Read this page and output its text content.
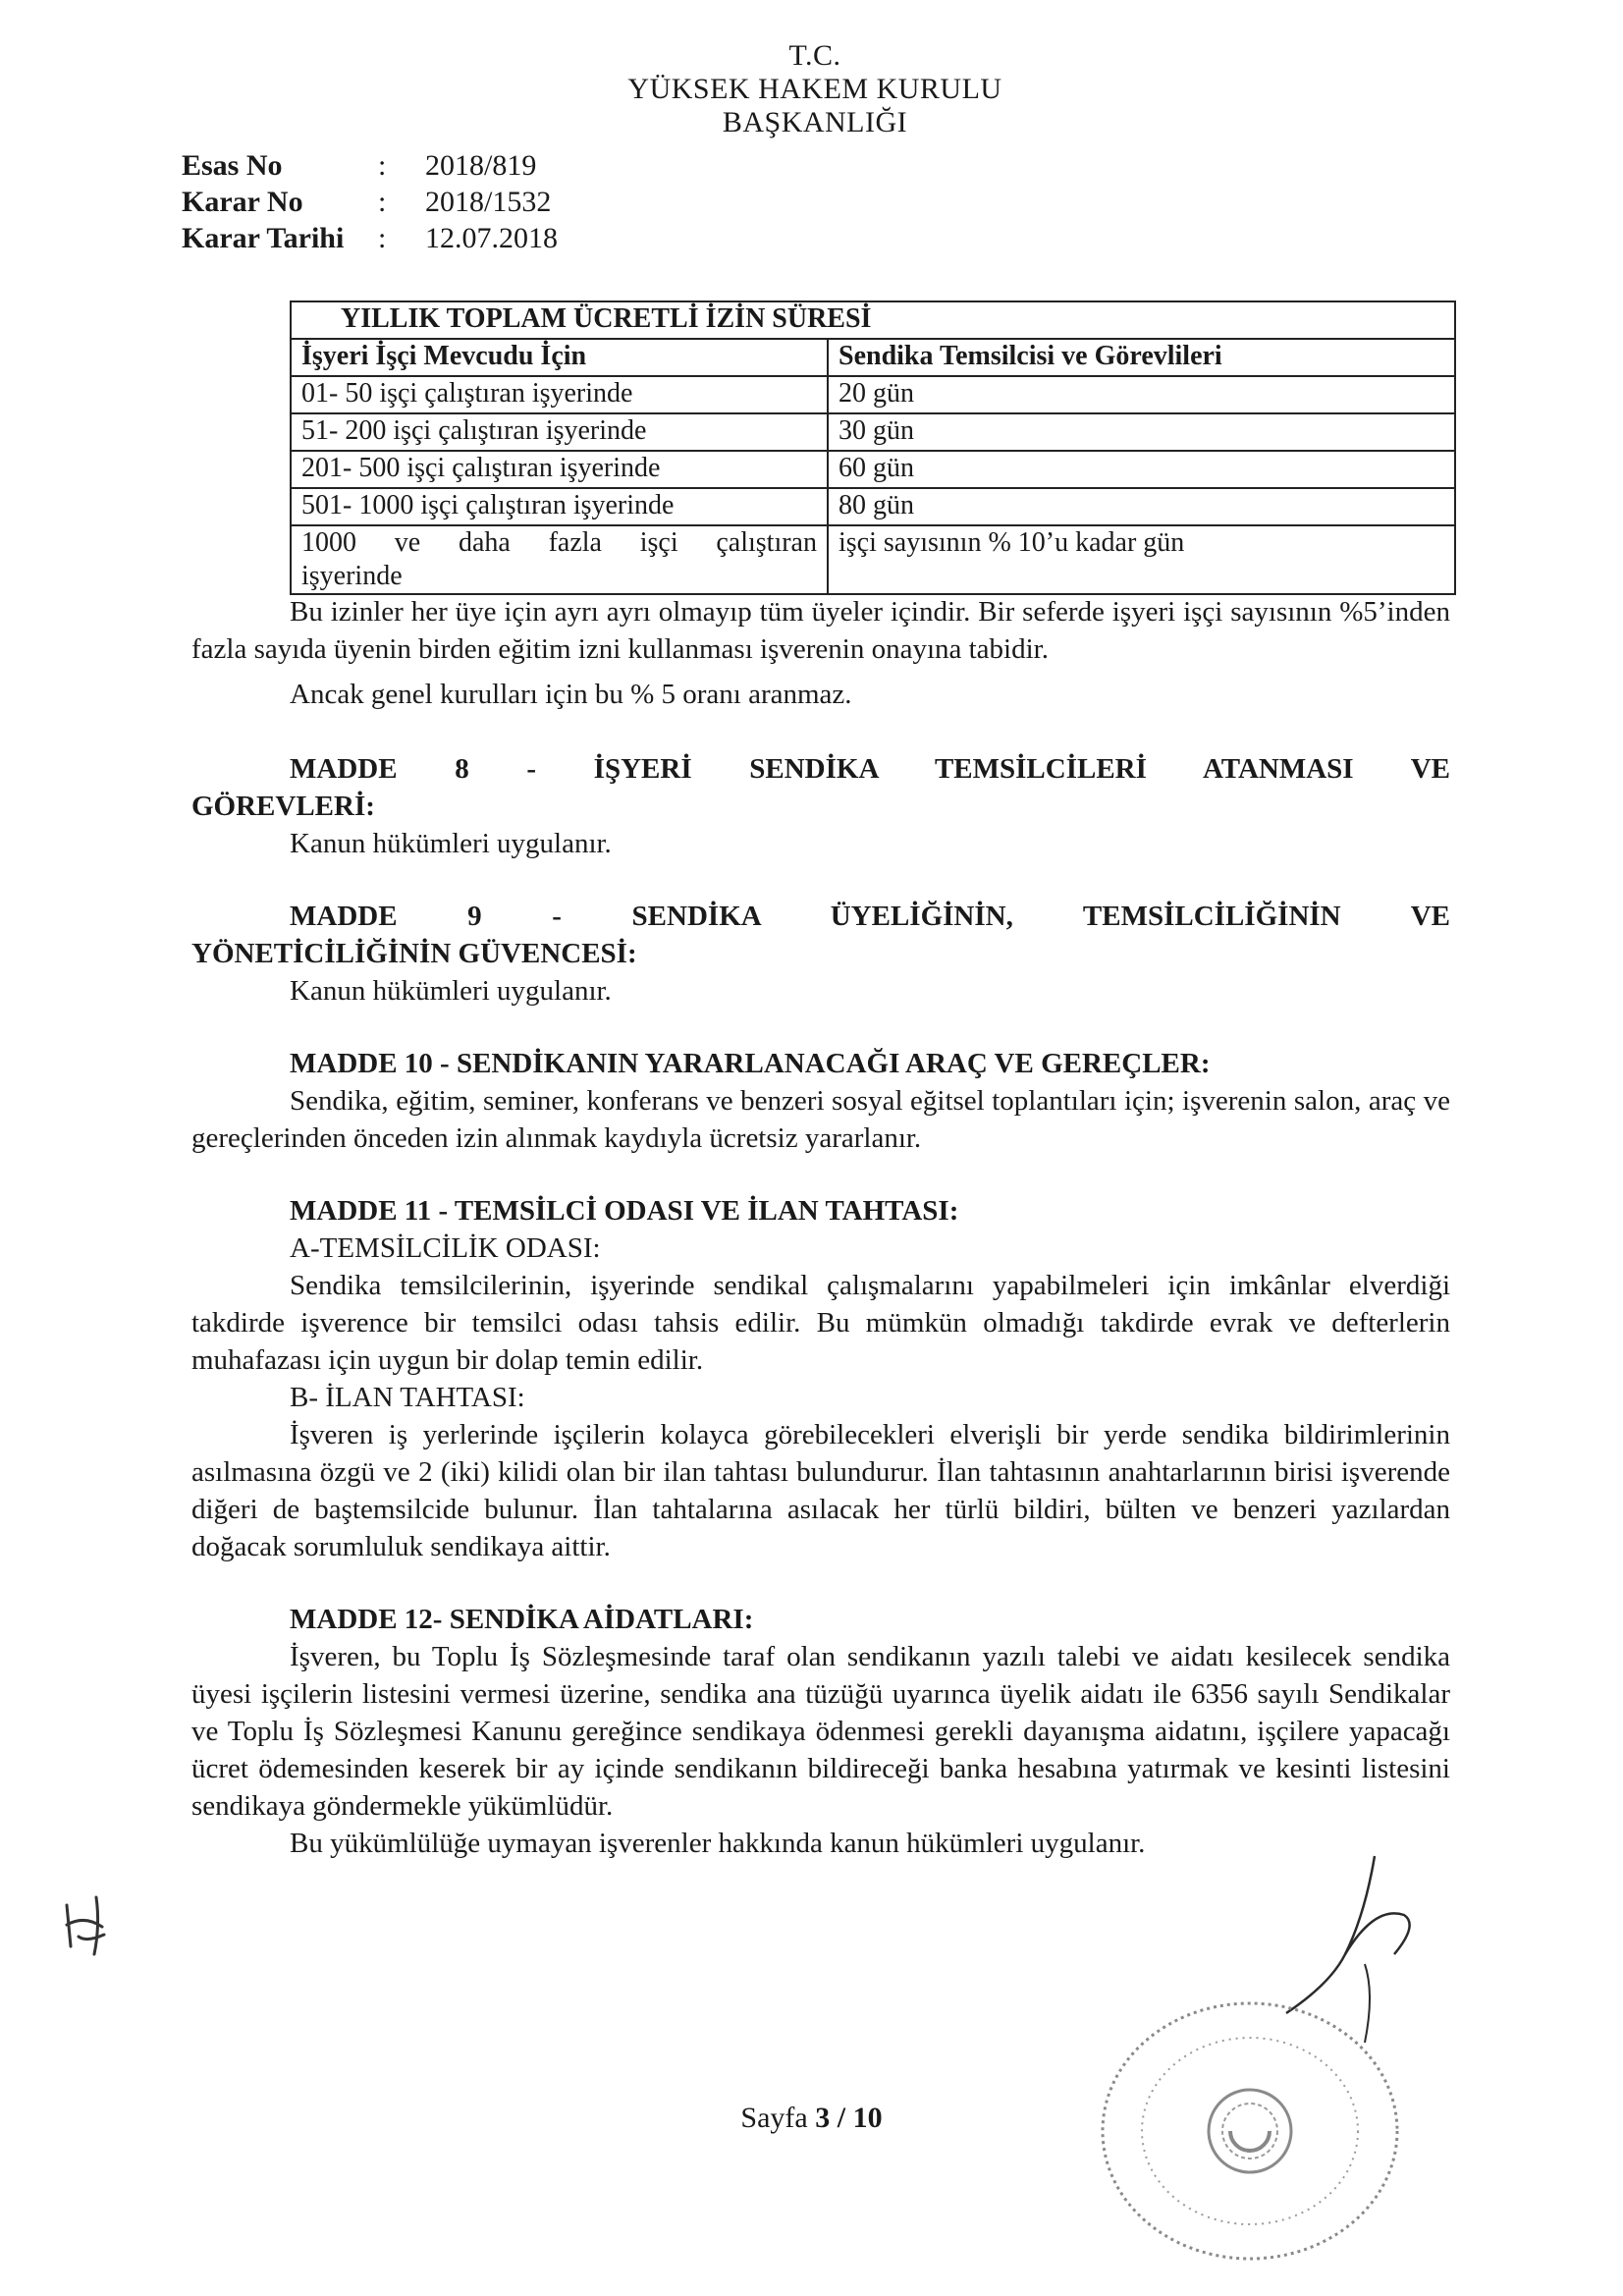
T.C.
YÜKSEK HAKEM KURULU
BAŞKANLIĞI
Esas No	:	2018/819
Karar No	:	2018/1532
Karar Tarihi	:	12.07.2018
YILLIK TOPLAM ÜCRETLİ İZİN SÜRESİ	
İşyeri İşçi Mevcudu İçin	Sendika Temsilcisi ve Görevlileri
01- 50 işçi çalıştıran işyerinde	20 gün
51- 200 işçi çalıştıran işyerinde	30 gün
201- 500 işçi çalıştıran işyerinde	60 gün
501- 1000 işçi çalıştıran işyerinde	80 gün

1000 ve daha fazla işçi çalıştıran
işyerinde	işçi sayısının % 10’u kadar gün

Bu izinler her üye için ayrı ayrı olmayıp tüm üyeler içindir. Bir seferde işyeri işçi sayısının %5’inden fazla sayıda üyenin birden eğitim izni kullanması işverenin onayına tabidir.

Ancak genel kurulları için bu % 5 oranı aranmaz.

MADDE 8 - İŞYERİ SENDİKA TEMSİLCİLERİ ATANMASI VE
GÖREVLERİ:

Kanun hükümleri uygulanır.

MADDE 9 - SENDİKA ÜYELİĞİNİN, TEMSİLCİLİĞİNİN VE
YÖNETİCİLİĞİNİN GÜVENCESİ:

Kanun hükümleri uygulanır.

MADDE 10 - SENDİKANIN YARARLANACAĞI ARAÇ VE GEREÇLER:

Sendika, eğitim, seminer, konferans ve benzeri sosyal eğitsel toplantıları için; işverenin salon, araç ve gereçlerinden önceden izin alınmak kaydıyla ücretsiz yararlanır.

MADDE 11 - TEMSİLCİ ODASI VE İLAN TAHTASI:
A-TEMSİLCİLİK ODASI:

Sendika temsilcilerinin, işyerinde sendikal çalışmalarını yapabilmeleri için imkânlar elverdiği takdirde işverence bir temsilci odası tahsis edilir. Bu mümkün olmadığı takdirde evrak ve defterlerin muhafazası için uygun bir dolap temin edilir.

B- İLAN TAHTASI:

İşveren iş yerlerinde işçilerin kolayca görebilecekleri elverişli bir yerde sendika bildirimlerinin asılmasına özgü ve 2 (iki) kilidi olan bir ilan tahtası bulundurur. İlan tahtasının anahtarlarının birisi işverende diğeri de baştemsilcide bulunur. İlan tahtalarına asılacak her türlü bildiri, bülten ve benzeri yazılardan doğacak sorumluluk sendikaya aittir.

MADDE 12- SENDİKA AİDATLARI:

İşveren, bu Toplu İş Sözleşmesinde taraf olan sendikanın yazılı talebi ve aidatı kesilecek sendika üyesi işçilerin listesini vermesi üzerine, sendika ana tüzüğü uyarınca üyelik aidatı ile 6356 sayılı Sendikalar ve Toplu İş Sözleşmesi Kanunu gereğince sendikaya ödenmesi gerekli dayanışma aidatını, işçilere yapacağı ücret ödemesinden keserek bir ay içinde sendikanın bildireceği banka hesabına yatırmak ve kesinti listesini sendikaya göndermekle yükümlüdür.

Bu yükümlülüğe uymayan işverenler hakkında kanun hükümleri uygulanır.

Sayfa 3 / 10
